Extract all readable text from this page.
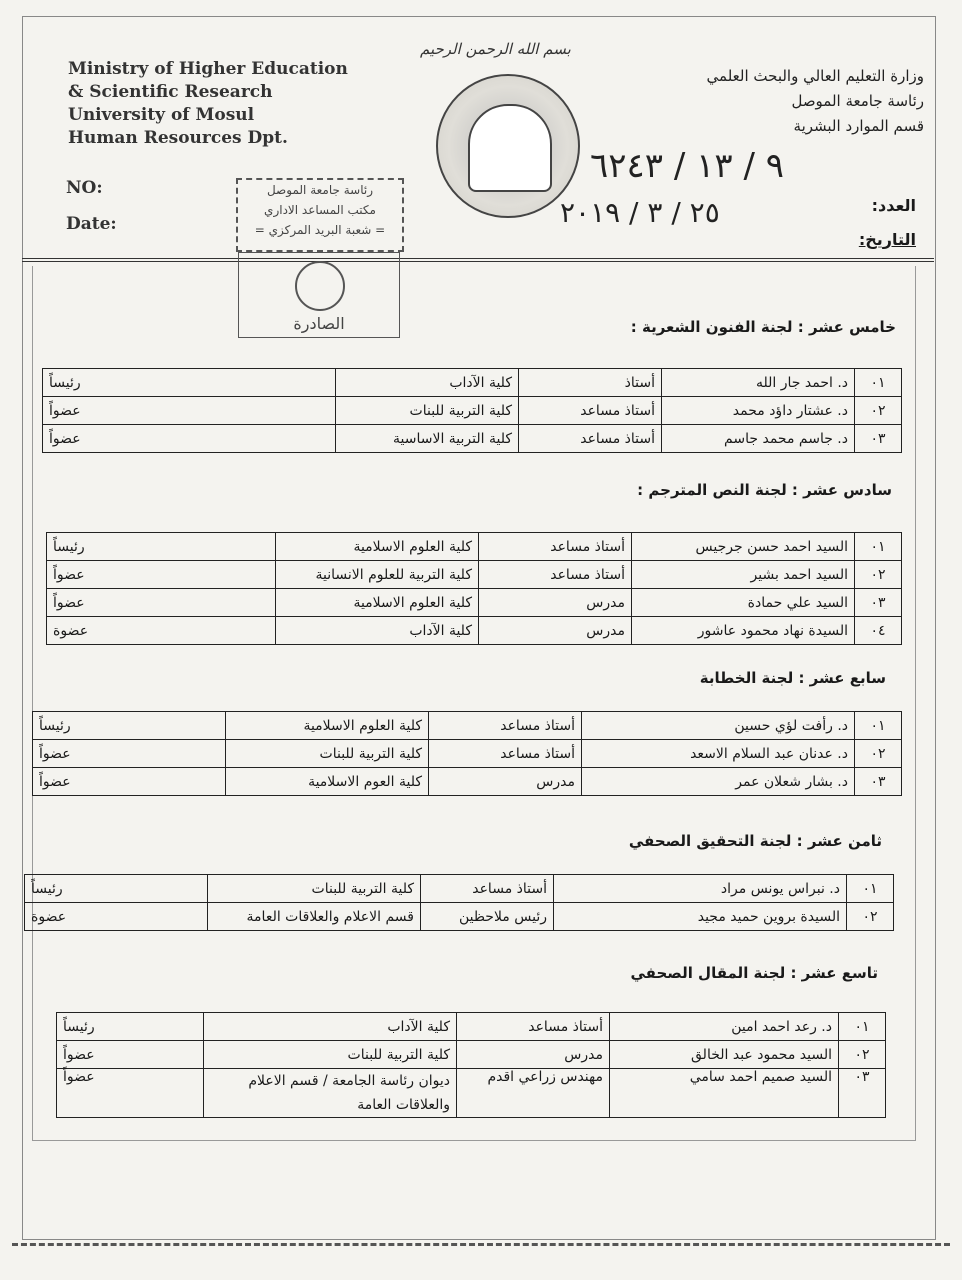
Ministry of Higher Education
& Scientific Research
University of Mosul
Human Resources Dpt.
NO:
Date:
بسم الله الرحمن الرحيم
وزارة التعليم العالي والبحث العلمي
رئاسة جامعة الموصل
قسم الموارد البشرية
العدد:
التاريخ:
٩ / ١٣ / ٦٢٤٣
٢٥ / ٣ / ٢٠١٩
رئاسة جامعة الموصل
مكتب المساعد الاداري
= شعبة البريد المركزي =
الصادرة	خامس عشر : لجنة الفنون الشعرية :
٠١	د. احمد جار الله	أستاذ	كلية الآداب	رئيساً
٠٢	د. عشتار داؤد محمد	أستاذ مساعد	كلية التربية للبنات	عضواً
٠٣	د. جاسم محمد جاسم	أستاذ مساعد	كلية التربية الاساسية	عضواً
سادس عشر : لجنة النص المترجم :
٠١	السيد احمد حسن جرجيس	أستاذ مساعد	كلية العلوم الاسلامية	رئيساً
٠٢	السيد احمد بشير	أستاذ مساعد	كلية التربية للعلوم الانسانية	عضواً
٠٣	السيد علي حمادة	مدرس	كلية العلوم الاسلامية	عضواً
٠٤	السيدة نهاد محمود عاشور	مدرس	كلية الآداب	عضوة
سابع عشر : لجنة الخطابة
٠١	د. رأفت لؤي حسين	أستاذ مساعد	كلية العلوم الاسلامية	رئيساً
٠٢	د. عدنان عبد السلام الاسعد	أستاذ مساعد	كلية التربية للبنات	عضواً
٠٣	د. بشار شعلان عمر	مدرس	كلية العوم الاسلامية	عضواً
ثامن عشر : لجنة التحقيق الصحفي
٠١	د. نبراس يونس مراد	أستاذ مساعد	كلية التربية للبنات	رئيساً
٠٢	السيدة بروين حميد مجيد	رئيس ملاحظين	قسم الاعلام والعلاقات العامة	عضوة
تاسع عشر : لجنة المقال الصحفي
٠١	د. رعد احمد امين	أستاذ مساعد	كلية الآداب	رئيساً
٠٢	السيد محمود عبد الخالق	مدرس	كلية التربية للبنات	عضواً
٠٣	السيد صميم احمد سامي	مهندس زراعي اقدم	ديوان رئاسة الجامعة / قسم الاعلام والعلاقات العامة	عضواً
